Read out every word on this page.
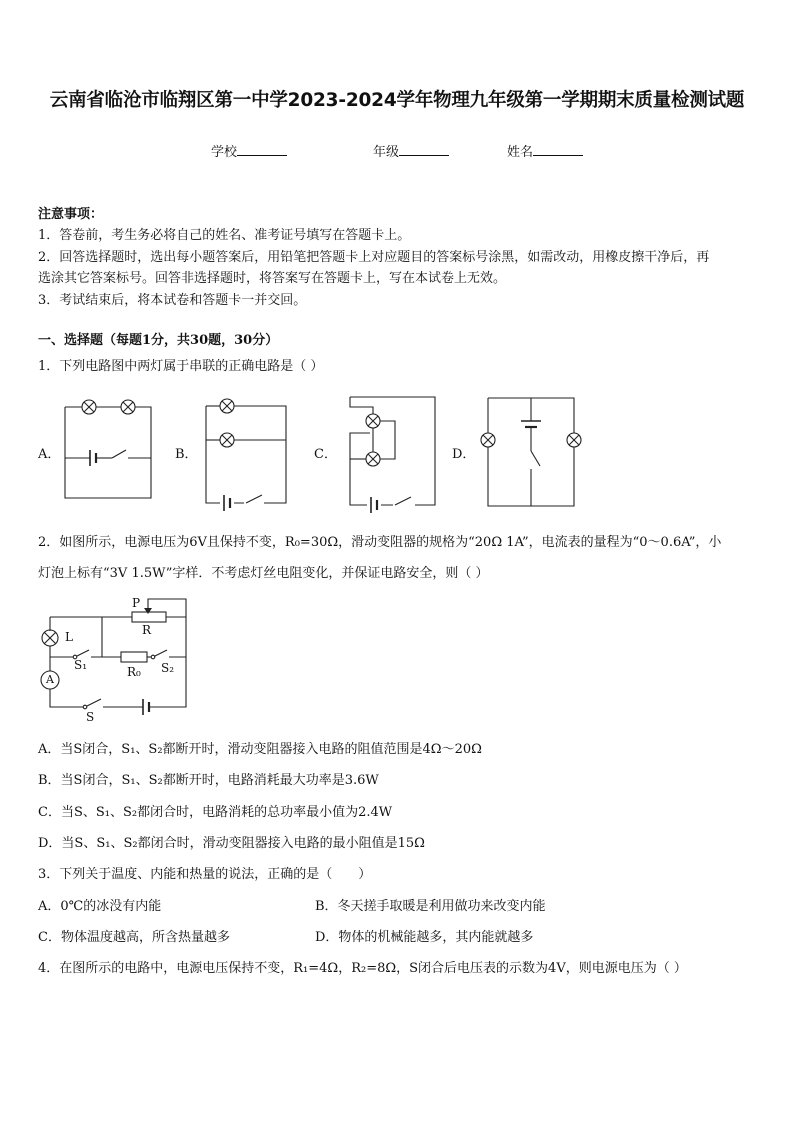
云南省临沧市临翔区第一中学2023-2024学年物理九年级第一学期期末质量检测试题
学校	年级	姓名
注意事项：
1．答卷前，考生务必将自己的姓名、准考证号填写在答题卡上。
2．回答选择题时，选出每小题答案后，用铅笔把答题卡上对应题目的答案标号涂黑，如需改动，用橡皮擦干净后，再
选涂其它答案标号。回答非选择题时，将答案写在答题卡上，写在本试卷上无效。
3．考试结束后，将本试卷和答题卡一并交回。
一、选择题（每题1分，共30题，30分）
1．下列电路图中两灯属于串联的正确电路是（ ）
A．	B．	C．	D．
2．如图所示，电源电压为6V且保持不变，R₀=30Ω，滑动变阻器的规格为“20Ω 1A”，电流表的量程为“0～0.6A”，小
灯泡上标有“3V 1.5W”字样．不考虑灯丝电阻变化，并保证电路安全，则（ ）
P
R
L
S₁	R₀ S₂
A
S
A．当S闭合，S₁、S₂都断开时，滑动变阻器接入电路的阻值范围是4Ω～20Ω
B．当S闭合，S₁、S₂都断开时，电路消耗最大功率是3.6W
C．当S、S₁、S₂都闭合时，电路消耗的总功率最小值为2.4W
D．当S、S₁、S₂都闭合时，滑动变阻器接入电路的最小阻值是15Ω
3．下列关于温度、内能和热量的说法，正确的是（　　）
A．0℃的冰没有内能	B．冬天搓手取暖是利用做功来改变内能
C．物体温度越高，所含热量越多	D．物体的机械能越多，其内能就越多
4．在图所示的电路中，电源电压保持不变，R₁=4Ω，R₂=8Ω，S闭合后电压表的示数为4V，则电源电压为（ ）
